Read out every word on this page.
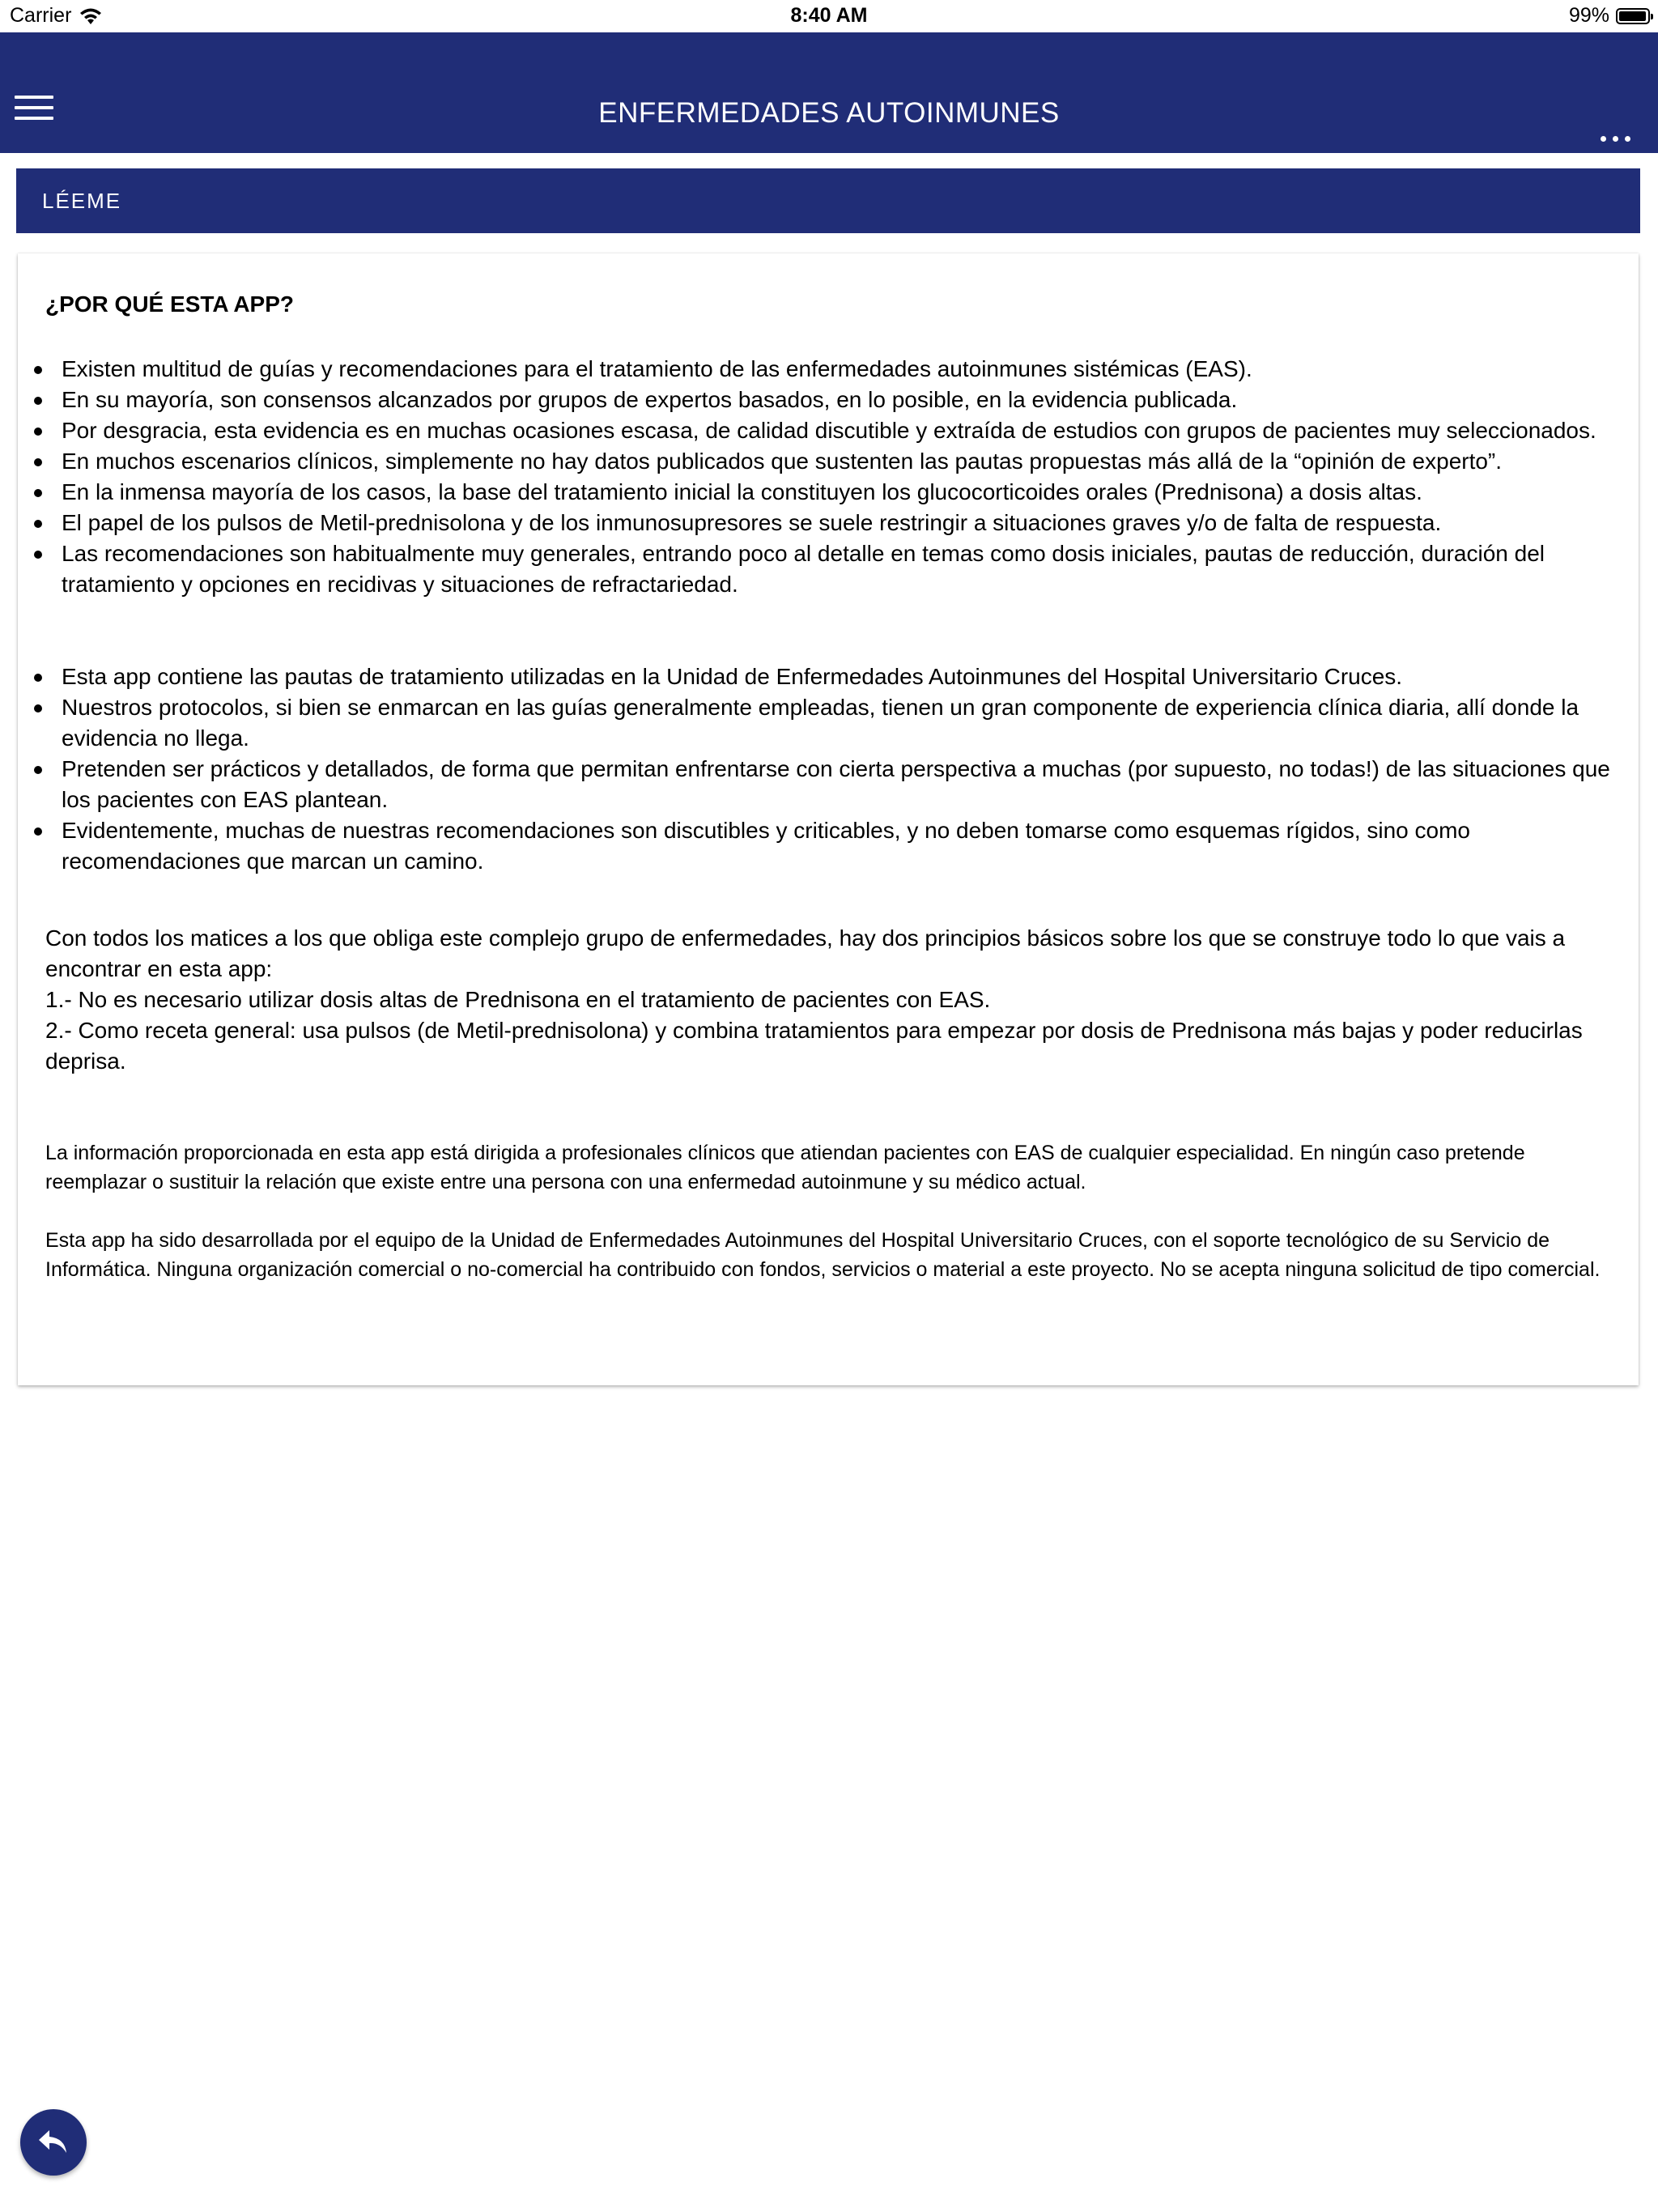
Carrier	8:40 AM	99%
ENFERMEDADES AUTOINMUNES
LÉEME
¿POR QUÉ ESTA APP?
Existen multitud de guías y recomendaciones para el tratamiento de las enfermedades autoinmunes sistémicas (EAS).
En su mayoría, son consensos alcanzados por grupos de expertos basados, en lo posible, en la evidencia publicada.
Por desgracia, esta evidencia es en muchas ocasiones escasa, de calidad discutible y extraída de estudios con grupos de pacientes muy seleccionados.
En muchos escenarios clínicos, simplemente no hay datos publicados que sustenten las pautas propuestas más allá de la “opinión de experto”.
En la inmensa mayoría de los casos, la base del tratamiento inicial la constituyen los glucocorticoides orales (Prednisona) a dosis altas.
El papel de los pulsos de Metil-prednisolona y de los inmunosupresores se suele restringir a situaciones graves y/o de falta de respuesta.
Las recomendaciones son habitualmente muy generales, entrando poco al detalle en temas como dosis iniciales, pautas de reducción, duración del tratamiento y opciones en recidivas y situaciones de refractariedad.
Esta app contiene las pautas de tratamiento utilizadas en la Unidad de Enfermedades Autoinmunes del Hospital Universitario Cruces.
Nuestros protocolos, si bien se enmarcan en las guías generalmente empleadas, tienen un gran componente de experiencia clínica diaria, allí donde la evidencia no llega.
Pretenden ser prácticos y detallados, de forma que permitan enfrentarse con cierta perspectiva a muchas (por supuesto, no todas!) de las situaciones que los pacientes con EAS plantean.
Evidentemente, muchas de nuestras recomendaciones son discutibles y criticables, y no deben tomarse como esquemas rígidos, sino como recomendaciones que marcan un camino.

Con todos los matices a los que obliga este complejo grupo de enfermedades, hay dos principios básicos sobre los que se construye todo lo que vais a encontrar en esta app:

1.- No es necesario utilizar dosis altas de Prednisona en el tratamiento de pacientes con EAS.

2.- Como receta general: usa pulsos (de Metil-prednisolona) y combina tratamientos para empezar por dosis de Prednisona más bajas y poder reducirlas deprisa.

La información proporcionada en esta app está dirigida a profesionales clínicos que atiendan pacientes con EAS de cualquier especialidad. En ningún caso pretende reemplazar o sustituir la relación que existe entre una persona con una enfermedad autoinmune y su médico actual.

Esta app ha sido desarrollada por el equipo de la Unidad de Enfermedades Autoinmunes del Hospital Universitario Cruces, con el soporte tecnológico de su Servicio de Informática. Ninguna organización comercial o no-comercial ha contribuido con fondos, servicios o material a este proyecto. No se acepta ninguna solicitud de tipo comercial.
